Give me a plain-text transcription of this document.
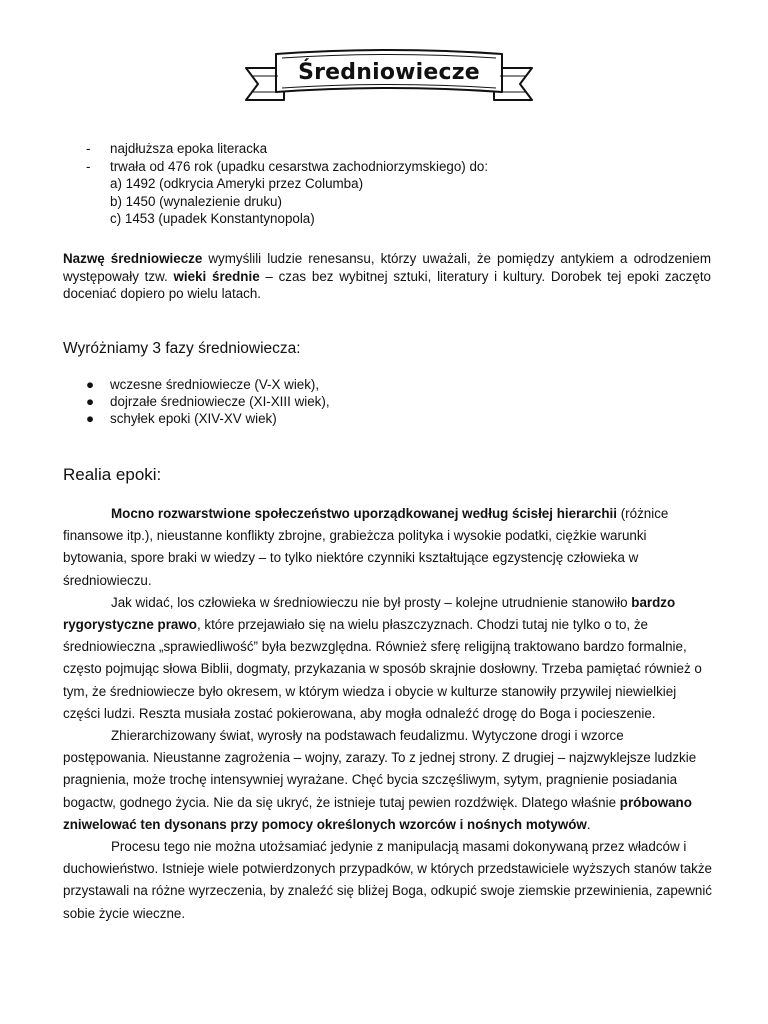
Średniowiecze
- najdłuższa epoka literacka
- trwała od 476 rok (upadku cesarstwa zachodniorzymskiego) do:
a) 1492 (odkrycia Ameryki przez Columba)
b) 1450 (wynalezienie druku)
c) 1453 (upadek Konstantynopola)
Nazwę średniowiecze wymyślili ludzie renesansu, którzy uważali, że pomiędzy antykiem a odrodzeniem występowały tzw. wieki średnie – czas bez wybitnej sztuki, literatury i kultury. Dorobek tej epoki zaczęto doceniać dopiero po wielu latach.
Wyróżniamy 3 fazy średniowiecza:
● wczesne średniowiecze (V-X wiek),
● dojrzałe średniowiecze (XI-XIII wiek),
● schyłek epoki (XIV-XV wiek)
Realia epoki:

Mocno rozwarstwione społeczeństwo uporządkowanej według ścisłej hierarchii (różnice finansowe itp.), nieustanne konflikty zbrojne, grabieżcza polityka i wysokie podatki, ciężkie warunki bytowania, spore braki w wiedzy – to tylko niektóre czynniki kształtujące egzystencję człowieka w średniowieczu.

Jak widać, los człowieka w średniowieczu nie był prosty – kolejne utrudnienie stanowiło bardzo rygorystyczne prawo, które przejawiało się na wielu płaszczyznach. Chodzi tutaj nie tylko o to, że średniowieczna „sprawiedliwość” była bezwzględna. Również sferę religijną traktowano bardzo formalnie, często pojmując słowa Biblii, dogmaty, przykazania w sposób skrajnie dosłowny. Trzeba pamiętać również o tym, że średniowiecze było okresem, w którym wiedza i obycie w kulturze stanowiły przywilej niewielkiej części ludzi. Reszta musiała zostać pokierowana, aby mogła odnaleźć drogę do Boga i pocieszenie.

Zhierarchizowany świat, wyrosły na podstawach feudalizmu. Wytyczone drogi i wzorce postępowania. Nieustanne zagrożenia – wojny, zarazy. To z jednej strony. Z drugiej – najzwyklejsze ludzkie pragnienia, może trochę intensywniej wyrażane. Chęć bycia szczęśliwym, sytym, pragnienie posiadania bogactw, godnego życia. Nie da się ukryć, że istnieje tutaj pewien rozdźwięk. Dlatego właśnie próbowano zniwelować ten dysonans przy pomocy określonych wzorców i nośnych motywów.

Procesu tego nie można utożsamiać jedynie z manipulacją masami dokonywaną przez władców i duchowieństwo. Istnieje wiele potwierdzonych przypadków, w których przedstawiciele wyższych stanów także przystawali na różne wyrzeczenia, by znaleźć się bliżej Boga, odkupić swoje ziemskie przewinienia, zapewnić sobie życie wieczne.
